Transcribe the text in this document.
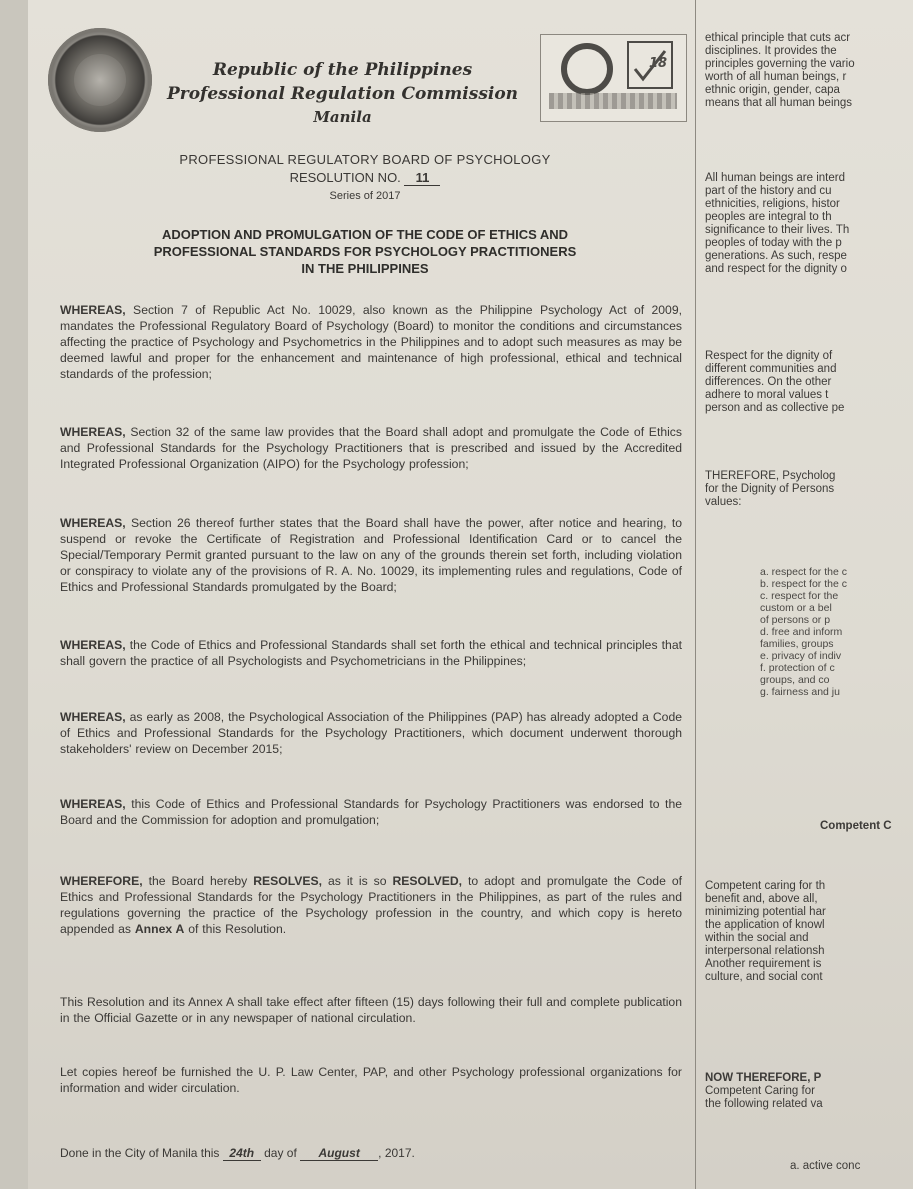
18
Republic of the Philippines
Professional Regulation Commission
Manila
PROFESSIONAL REGULATORY BOARD OF PSYCHOLOGY
RESOLUTION NO. 11
Series of 2017
ADOPTION AND PROMULGATION OF THE CODE OF ETHICS AND
PROFESSIONAL STANDARDS FOR PSYCHOLOGY PRACTITIONERS
IN THE PHILIPPINES
WHEREAS, Section 7 of Republic Act No. 10029, also known as the Philippine Psychology Act of 2009, mandates the Professional Regulatory Board of Psychology (Board) to monitor the conditions and circumstances affecting the practice of Psychology and Psychometrics in the Philippines and to adopt such measures as may be deemed lawful and proper for the enhancement and maintenance of high professional, ethical and technical standards of the profession;
WHEREAS, Section 32 of the same law provides that the Board shall adopt and promulgate the Code of Ethics and Professional Standards for the Psychology Practitioners that is prescribed and issued by the Accredited Integrated Professional Organization (AIPO) for the Psychology profession;
WHEREAS, Section 26 thereof further states that the Board shall have the power, after notice and hearing, to suspend or revoke the Certificate of Registration and Professional Identification Card or to cancel the Special/Temporary Permit granted pursuant to the law on any of the grounds therein set forth, including violation or conspiracy to violate any of the provisions of R. A. No. 10029, its implementing rules and regulations, Code of Ethics and Professional Standards promulgated by the Board;
WHEREAS, the Code of Ethics and Professional Standards shall set forth the ethical and technical principles that shall govern the practice of all Psychologists and Psychometricians in the Philippines;
WHEREAS, as early as 2008, the Psychological Association of the Philippines (PAP) has already adopted a Code of Ethics and Professional Standards for the Psychology Practitioners, which document underwent thorough stakeholders' review on December 2015;
WHEREAS, this Code of Ethics and Professional Standards for Psychology Practitioners was endorsed to the Board and the Commission for adoption and promulgation;
WHEREFORE, the Board hereby RESOLVES, as it is so RESOLVED, to adopt and promulgate the Code of Ethics and Professional Standards for the Psychology Practitioners in the Philippines, as part of the rules and regulations governing the practice of the Psychology profession in the country, and which copy is hereto appended as Annex A of this Resolution.
This Resolution and its Annex A shall take effect after fifteen (15) days following their full and complete publication in the Official Gazette or in any newspaper of national circulation.
Let copies hereof be furnished the U. P. Law Center, PAP, and other Psychology professional organizations for information and wider circulation.
Done in the City of Manila this 24th day of August , 2017.
ethical principle that cuts acr
disciplines. It provides the
principles governing the vario
worth of all human beings, r
ethnic origin, gender, capa
means that all human beings
All human beings are interd
part of the history and cu
ethnicities, religions, histor
peoples are integral to th
significance to their lives. Th
peoples of today with the p
generations. As such, respe
and respect for the dignity o
Respect for the dignity of
different communities and
differences. On the other
adhere to moral values t
person and as collective pe
THEREFORE, Psycholog
for the Dignity of Persons
values:
a. respect for the c
b. respect for the c
c. respect for the
custom or a bel
of persons or p
d. free and inform
families, groups
e. privacy of indiv
f. protection of c
groups, and co
g. fairness and ju
Competent C
Competent caring for th
benefit and, above all,
minimizing potential har
the application of knowl
within the social and
interpersonal relationsh
Another requirement is
culture, and social cont
NOW THEREFORE, P
Competent Caring for
the following related va
a. active conc
